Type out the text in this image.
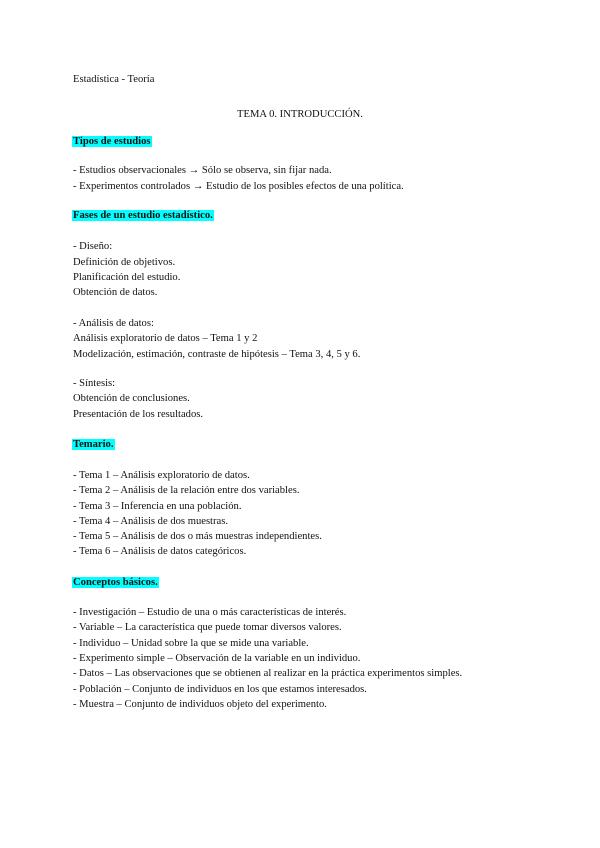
Estadística - Teoría
TEMA 0. INTRODUCCIÓN.
Tipos de estudios
- Estudios observacionales → Sólo se observa, sin fijar nada.
- Experimentos controlados → Estudio de los posibles efectos de una política.
Fases de un estudio estadístico.
- Diseño:
Definición de objetivos.
Planificación del estudio.
Obtención de datos.
- Análisis de datos:
Análisis exploratorio de datos – Tema 1 y 2
Modelización, estimación, contraste de hipótesis – Tema 3, 4, 5 y 6.
- Síntesis:
Obtención de conclusiones.
Presentación de los resultados.
Temario.
- Tema 1 – Análisis exploratorio de datos.
- Tema 2 – Análisis de la relación entre dos variables.
- Tema 3 – Inferencia en una población.
- Tema 4 – Análisis de dos muestras.
- Tema 5 – Análisis de dos o más muestras independientes.
- Tema 6 – Análisis de datos categóricos.
Conceptos básicos.
- Investigación – Estudio de una o más características de interés.
- Variable – La característica que puede tomar diversos valores.
- Individuo – Unidad sobre la que se mide una variable.
- Experimento simple – Observación de la variable en un individuo.
- Datos – Las observaciones que se obtienen al realizar en la práctica experimentos simples.
- Población – Conjunto de individuos en los que estamos interesados.
- Muestra – Conjunto de individuos objeto del experimento.
